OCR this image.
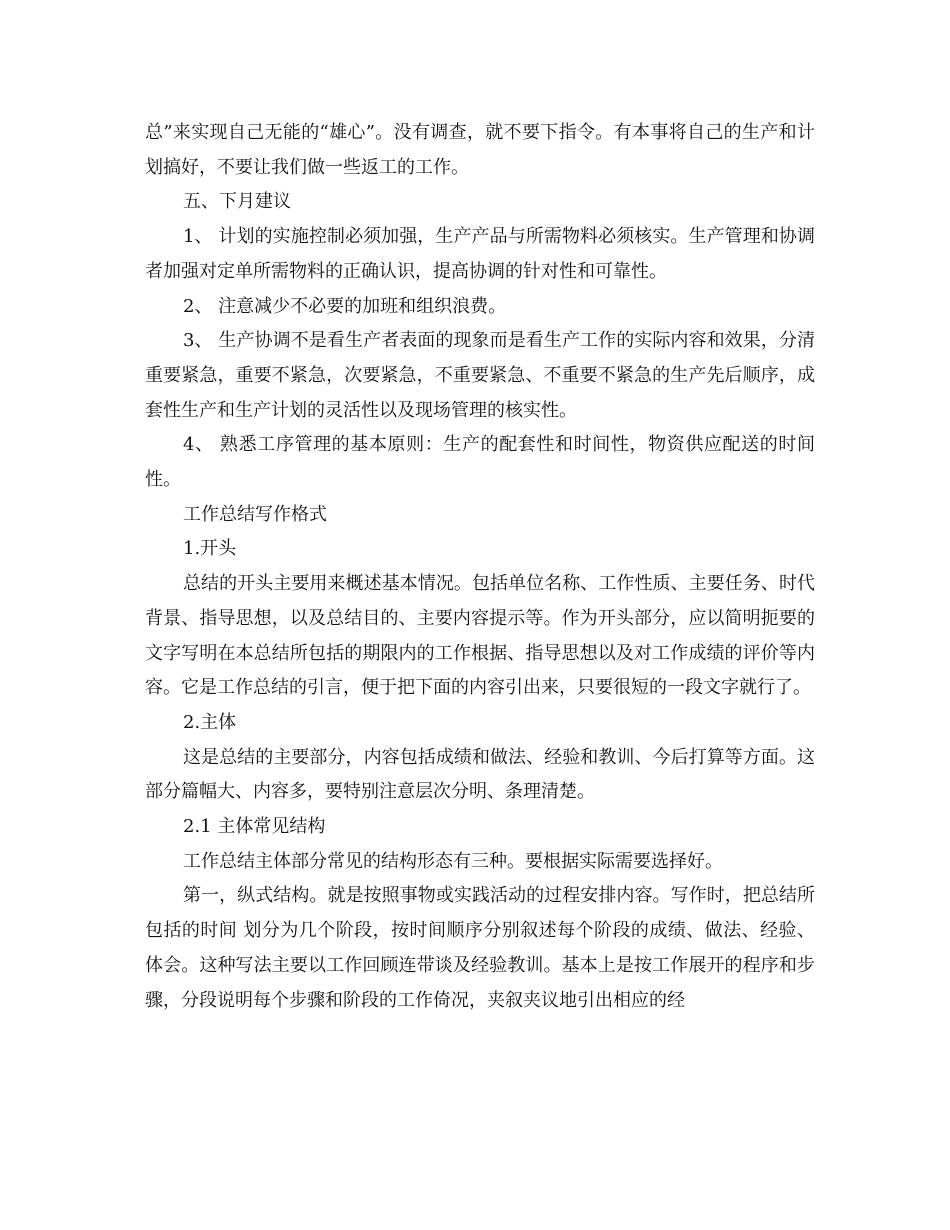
总”来实现自己无能的“雄心”。没有调查，就不要下指令。有本事将自己的生产和计划搞好，不要让我们做一些返工的工作。

五、下月建议

1、 计划的实施控制必须加强，生产产品与所需物料必须核实。生产管理和协调者加强对定单所需物料的正确认识，提高协调的针对性和可靠性。

2、 注意减少不必要的加班和组织浪费。

3、 生产协调不是看生产者表面的现象而是看生产工作的实际内容和效果，分清重要紧急，重要不紧急，次要紧急，不重要紧急、不重要不紧急的生产先后顺序，成套性生产和生产计划的灵活性以及现场管理的核实性。

4、 熟悉工序管理的基本原则：生产的配套性和时间性，物资供应配送的时间性。

工作总结写作格式

1.开头

总结的开头主要用来概述基本情况。包括单位名称、工作性质、主要任务、时代背景、指导思想，以及总结目的、主要内容提示等。作为开头部分，应以简明扼要的文字写明在本总结所包括的期限内的工作根据、指导思想以及对工作成绩的评价等内容。它是工作总结的引言，便于把下面的内容引出来，只要很短的一段文字就行了。

2.主体

这是总结的主要部分，内容包括成绩和做法、经验和教训、今后打算等方面。这部分篇幅大、内容多，要特别注意层次分明、条理清楚。

2.1 主体常见结构

工作总结主体部分常见的结构形态有三种。要根据实际需要选择好。

第一，纵式结构。就是按照事物或实践活动的过程安排内容。写作时，把总结所包括的时间 划分为几个阶段，按时间顺序分别叙述每个阶段的成绩、做法、经验、体会。这种写法主要以工作回顾连带谈及经验教训。基本上是按工作展开的程序和步骤，分段说明每个步骤和阶段的工作倚况，夹叙夹议地引出相应的经
